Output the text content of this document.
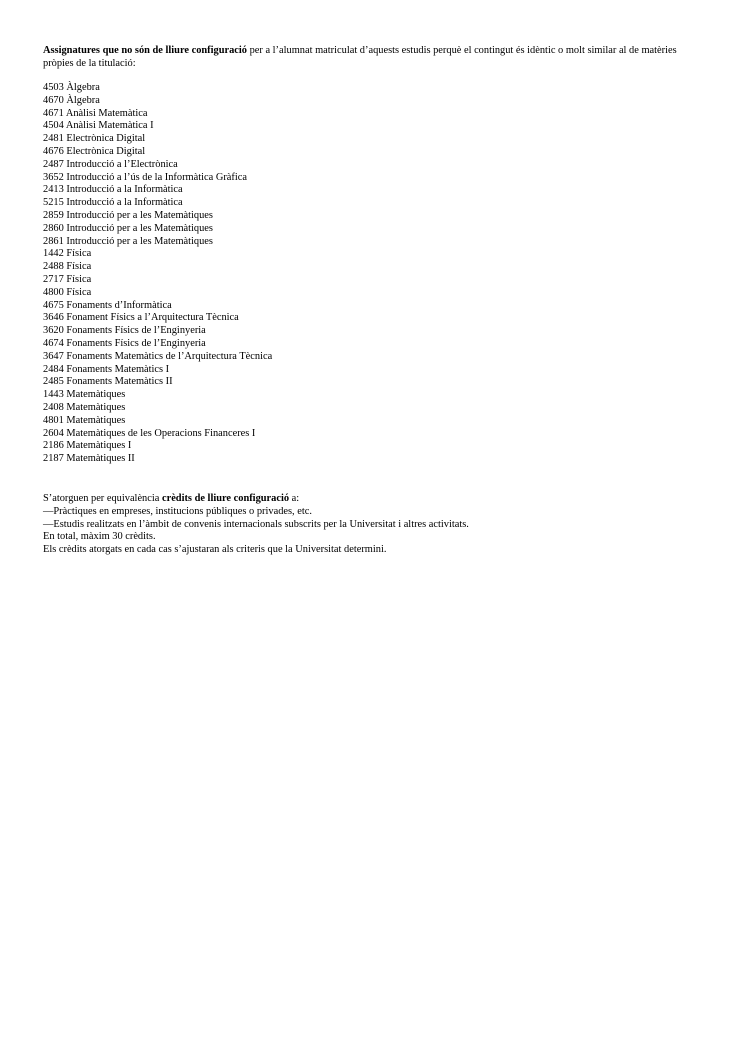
Assignatures que no són de lliure configuració per a l’alumnat matriculat d’aquests estudis perquè el contingut és idèntic o molt similar al de matèries pròpies de la titulació:

4503 Àlgebra
4670 Àlgebra
4671 Anàlisi Matemàtica
4504 Anàlisi Matemàtica I
2481 Electrònica Digital
4676 Electrònica Digital
2487 Introducció a l’Electrònica
3652 Introducció a l’ús de la Informàtica Gràfica
2413 Introducció a la Informàtica
5215 Introducció a la Informàtica
2859 Introducció per a les Matemàtiques
2860 Introducció per a les Matemàtiques
2861 Introducció per a les Matemàtiques
1442 Física
2488 Física
2717 Física
4800 Física
4675 Fonaments d’Informàtica
3646 Fonament Físics a l’Arquitectura Tècnica
3620 Fonaments Físics de l’Enginyeria
4674 Fonaments Físics de l’Enginyeria
3647 Fonaments Matemàtics de l’Arquitectura Tècnica
2484 Fonaments Matemàtics I
2485 Fonaments Matemàtics II
1443 Matemàtiques
2408 Matemàtiques
4801 Matemàtiques
2604 Matemàtiques de les Operacions Financeres I
2186 Matemàtiques I
2187 Matemàtiques II
S’atorguen per equivalència crèdits de lliure configuració a:
—Pràctiques en empreses, institucions públiques o privades, etc.
—Estudis realitzats en l’àmbit de convenis internacionals subscrits per la Universitat i altres activitats.
En total, màxim 30 crèdits.
Els crèdits atorgats en cada cas s’ajustaran als criteris que la Universitat determini.
